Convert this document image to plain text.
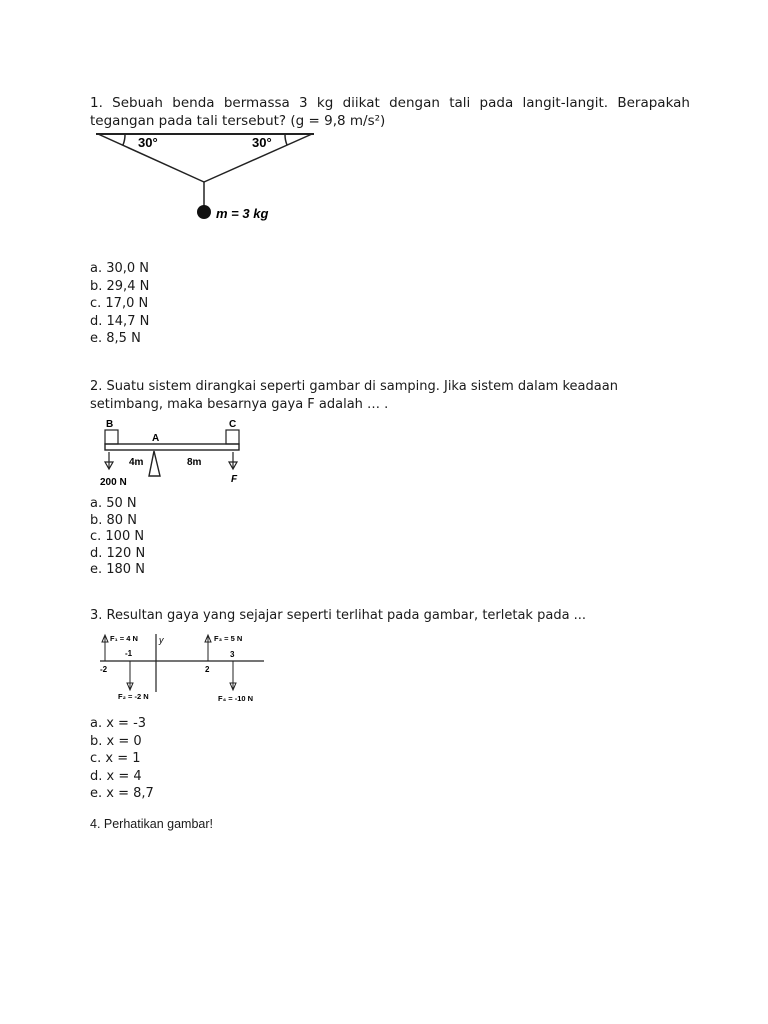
1. Sebuah benda bermassa 3 kg diikat dengan tali pada langit-langit. Berapakah tegangan pada tali tersebut? (g = 9,8 m/s²)
30°	30°
m = 3 kg
a. 30,0 N
b. 29,4 N
c. 17,0 N
d. 14,7 N
e. 8,5 N
2. Suatu sistem dirangkai seperti gambar di samping. Jika sistem dalam keadaan setimbang, maka besarnya gaya F adalah … .
B	C
A
4m	8m
200 N	F
a. 50 N
b. 80 N
c. 100 N
d. 120 N
e. 180 N
3. Resultan gaya yang sejajar seperti terlihat pada gambar, terletak pada ...
y
F₁ = 4 N
-2
-1
F₂ = -2 N
F₃ = 5 N
2
3
F₄ = -10 N
a. x = -3
b. x = 0
c. x = 1
d. x = 4
e. x = 8,7
4. Perhatikan gambar!
